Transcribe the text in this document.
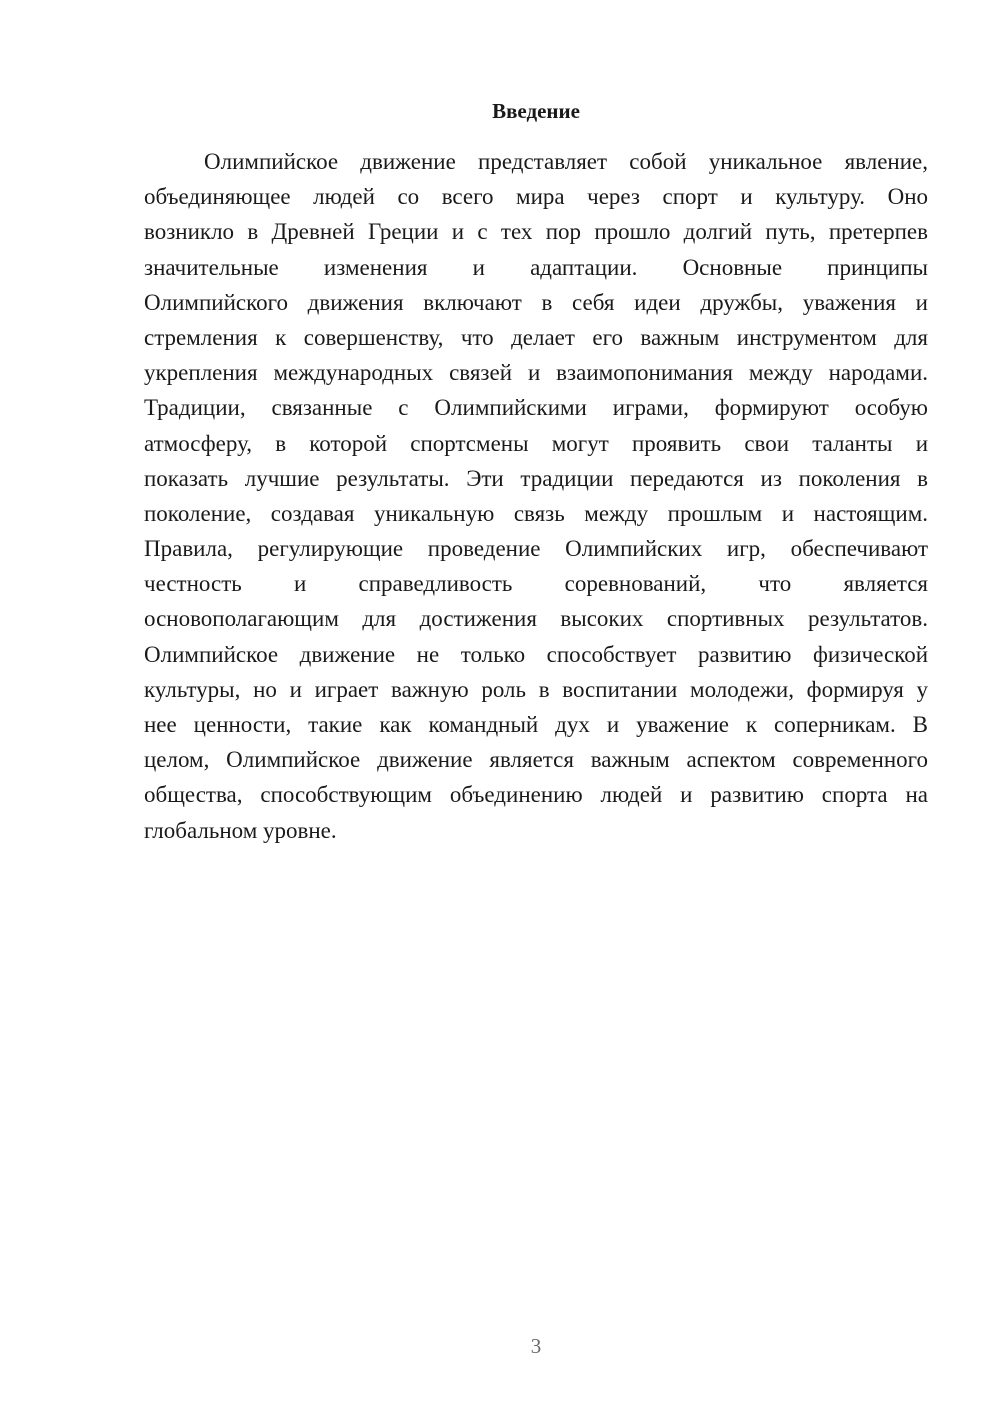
Введение
Олимпийское движение представляет собой уникальное явление,
объединяющее людей со всего мира через спорт и культуру. Оно
возникло в Древней Греции и с тех пор прошло долгий путь, претерпев
значительные изменения и адаптации. Основные принципы
Олимпийского движения включают в себя идеи дружбы, уважения и
стремления к совершенству, что делает его важным инструментом для
укрепления международных связей и взаимопонимания между народами.
Традиции, связанные с Олимпийскими играми, формируют особую
атмосферу, в которой спортсмены могут проявить свои таланты и
показать лучшие результаты. Эти традиции передаются из поколения в
поколение, создавая уникальную связь между прошлым и настоящим.
Правила, регулирующие проведение Олимпийских игр, обеспечивают
честность и справедливость соревнований, что является
основополагающим для достижения высоких спортивных результатов.
Олимпийское движение не только способствует развитию физической
культуры, но и играет важную роль в воспитании молодежи, формируя у
нее ценности, такие как командный дух и уважение к соперникам. В
целом, Олимпийское движение является важным аспектом современного
общества, способствующим объединению людей и развитию спорта на
глобальном уровне.
3
